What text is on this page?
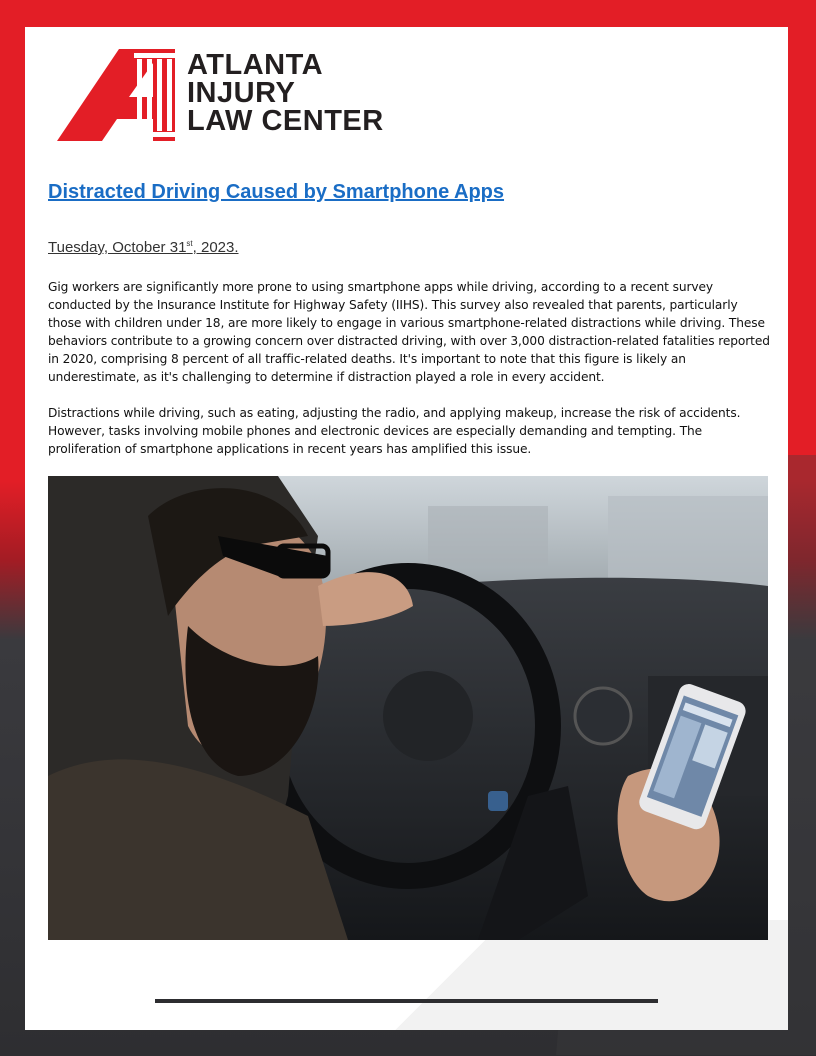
ATLANTA
INJURY
LAW CENTER
Distracted Driving Caused by Smartphone Apps
Tuesday, October 31st, 2023.

Gig workers are significantly more prone to using smartphone apps while driving, according to a recent survey conducted by the Insurance Institute for Highway Safety (IIHS). This survey also revealed that parents, particularly those with children under 18, are more likely to engage in various smartphone-related distractions while driving. These behaviors contribute to a growing concern over distracted driving, with over 3,000 distraction-related fatalities reported in 2020, comprising 8 percent of all traffic-related deaths. It's important to note that this figure is likely an underestimate, as it's challenging to determine if distraction played a role in every accident.

Distractions while driving, such as eating, adjusting the radio, and applying makeup, increase the risk of accidents. However, tasks involving mobile phones and electronic devices are especially demanding and tempting. The proliferation of smartphone applications in recent years has amplified this issue.
